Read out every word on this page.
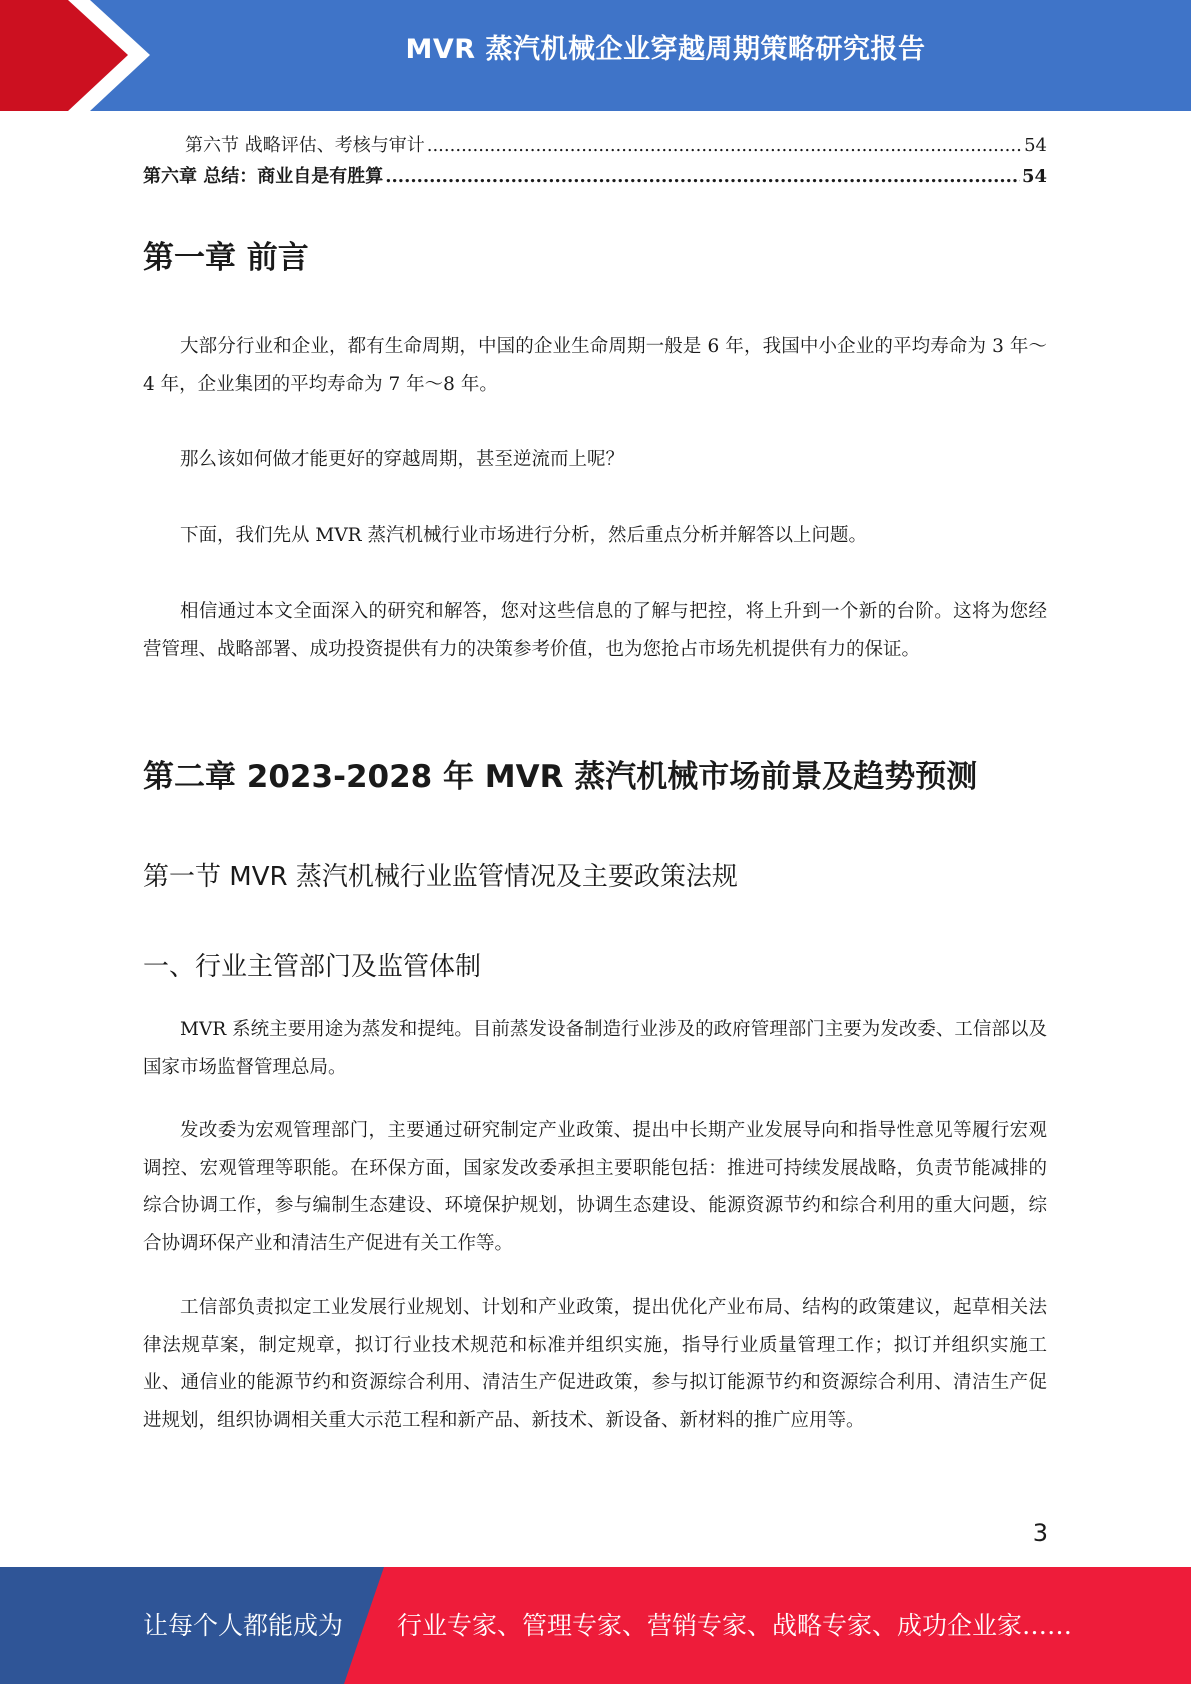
MVR 蒸汽机械企业穿越周期策略研究报告
第六节 战略评估、考核与审计 .....	54
第六章 总结：商业自是有胜算 .....	54
第一章 前言

大部分行业和企业，都有生命周期，中国的企业生命周期一般是 6 年，我国中小企业的平均寿命为 3 年～4 年，企业集团的平均寿命为 7 年～8 年。

那么该如何做才能更好的穿越周期，甚至逆流而上呢？

下面，我们先从 MVR 蒸汽机械行业市场进行分析，然后重点分析并解答以上问题。

相信通过本文全面深入的研究和解答，您对这些信息的了解与把控，将上升到一个新的台阶。这将为您经营管理、战略部署、成功投资提供有力的决策参考价值，也为您抢占市场先机提供有力的保证。

第二章 2023-2028 年 MVR 蒸汽机械市场前景及趋势预测
第一节 MVR 蒸汽机械行业监管情况及主要政策法规
一、行业主管部门及监管体制

MVR 系统主要用途为蒸发和提纯。目前蒸发设备制造行业涉及的政府管理部门主要为发改委、工信部以及国家市场监督管理总局。

发改委为宏观管理部门，主要通过研究制定产业政策、提出中长期产业发展导向和指导性意见等履行宏观调控、宏观管理等职能。在环保方面，国家发改委承担主要职能包括：推进可持续发展战略，负责节能减排的综合协调工作，参与编制生态建设、环境保护规划，协调生态建设、能源资源节约和综合利用的重大问题，综合协调环保产业和清洁生产促进有关工作等。

工信部负责拟定工业发展行业规划、计划和产业政策，提出优化产业布局、结构的政策建议，起草相关法律法规草案，制定规章，拟订行业技术规范和标准并组织实施，指导行业质量管理工作；拟订并组织实施工业、通信业的能源节约和资源综合利用、清洁生产促进政策，参与拟订能源节约和资源综合利用、清洁生产促进规划，组织协调相关重大示范工程和新产品、新技术、新设备、新材料的推广应用等。

3
让每个人都能成为 行业专家、管理专家、营销专家、战略专家、成功企业家……
